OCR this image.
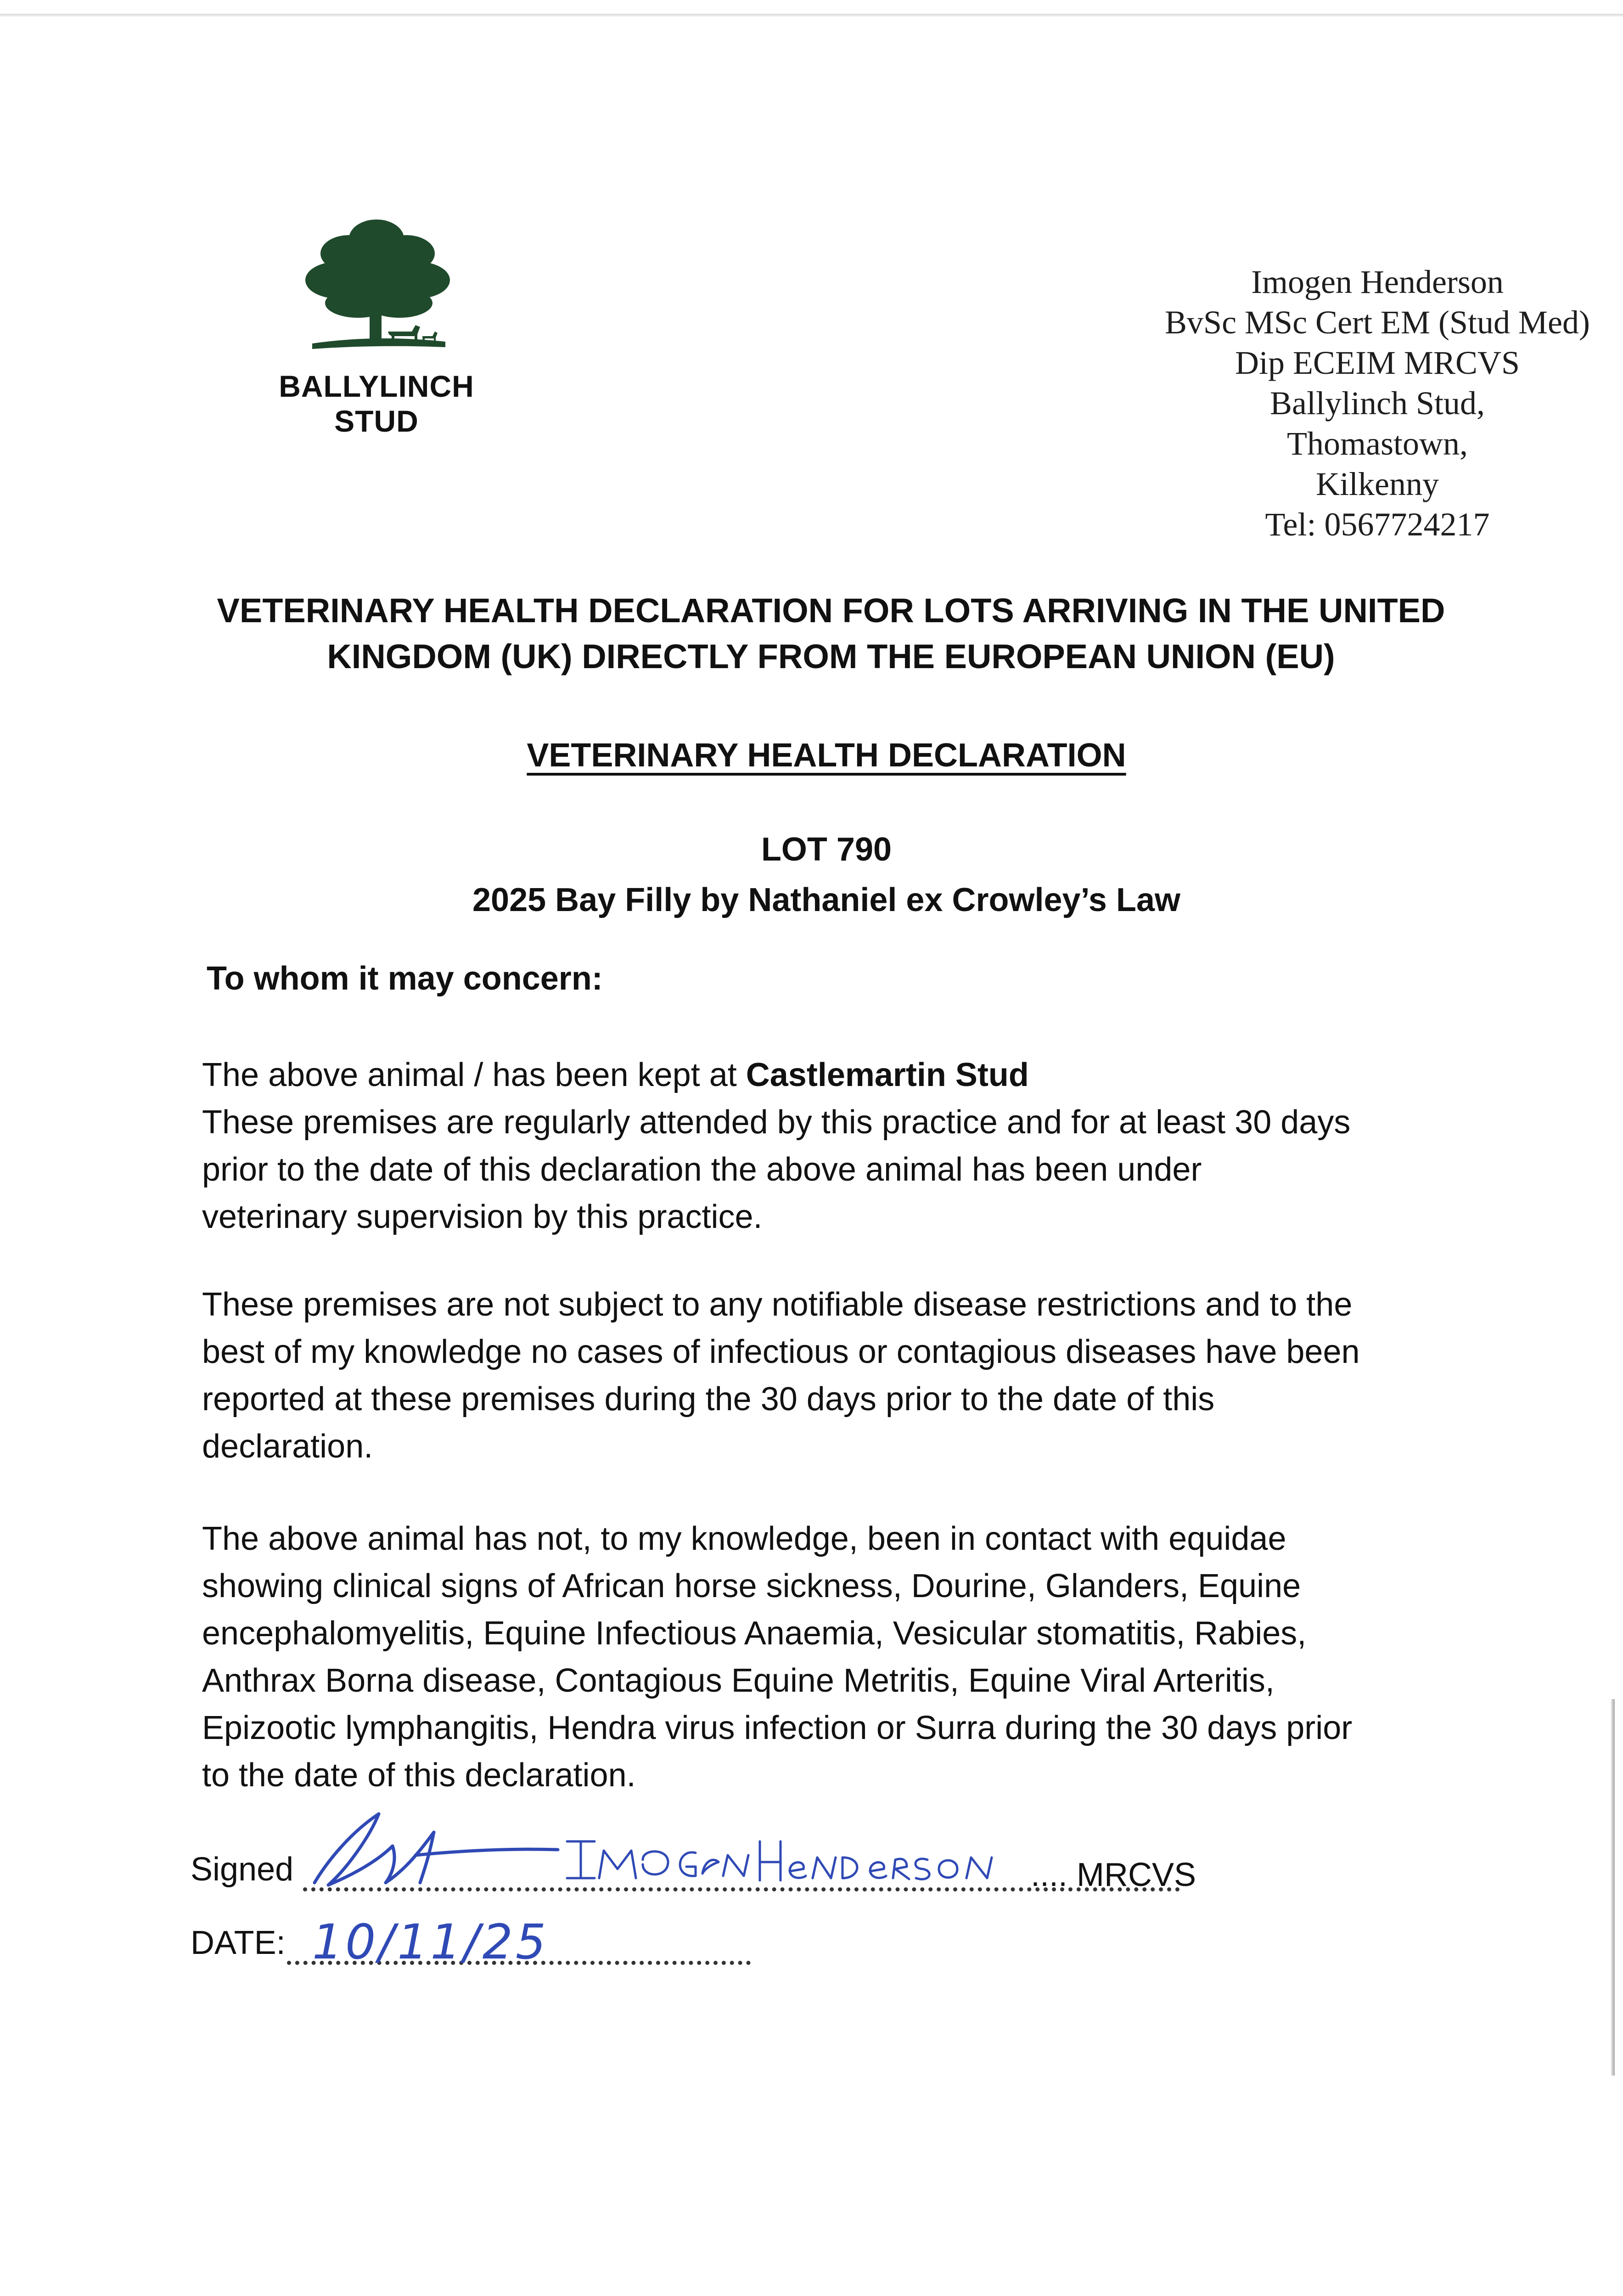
BALLYLINCH
STUD
Imogen Henderson
BvSc MSc Cert EM (Stud Med)
Dip ECEIM MRCVS
Ballylinch Stud,
Thomastown,
Kilkenny
Tel: 0567724217
VETERINARY HEALTH DECLARATION FOR LOTS ARRIVING IN THE UNITED
KINGDOM (UK) DIRECTLY FROM THE EUROPEAN UNION (EU)
VETERINARY HEALTH DECLARATION
LOT 790
2025 Bay Filly by Nathaniel ex Crowley’s Law
To whom it may concern:
The above animal / has been kept at Castlemartin Stud
These premises are regularly attended by this practice and for at least 30 days
prior to the date of this declaration the above animal has been under
veterinary supervision by this practice.
These premises are not subject to any notifiable disease restrictions and to the
best of my knowledge no cases of infectious or contagious diseases have been
reported at these premises during the 30 days prior to the date of this
declaration.
The above animal has not, to my knowledge, been in contact with equidae
showing clinical signs of African horse sickness, Dourine, Glanders, Equine
encephalomyelitis, Equine Infectious Anaemia, Vesicular stomatitis, Rabies,
Anthrax Borna disease, Contagious Equine Metritis, Equine Viral Arteritis,
Epizootic lymphangitis, Hendra virus infection or Surra during the 30 days prior
to the date of this declaration.
Signed	.... MRCVS
DATE: 10/11/25
